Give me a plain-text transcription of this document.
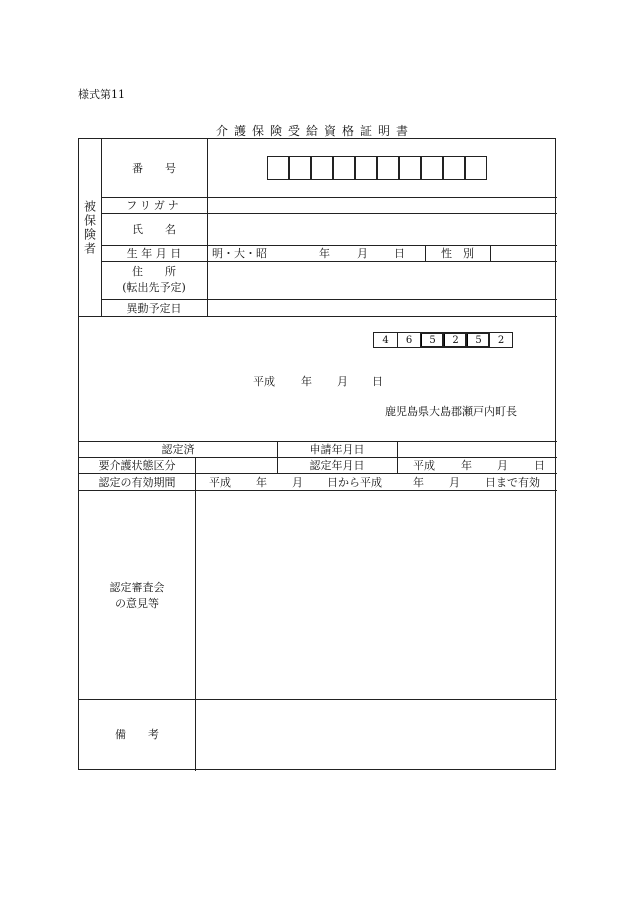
様式第11
介護保険受給資格証明書
被保険者
番　　号
フリガナ
氏　　名
生 年 月 日	明・大・昭	年 月 日	性　別
住　　所
(転出先予定)
異動予定日
4	6	5	2	5	2
平成 年 月 日
鹿児島県大島郡瀬戸内町長
認定済	申請年月日
要介護状態区分	認定年月日	平成 年 月 日
認定の有効期間	平成 年 月 日から平成	年 月 日まで有効
認定審査会
の意見等
備　　考
